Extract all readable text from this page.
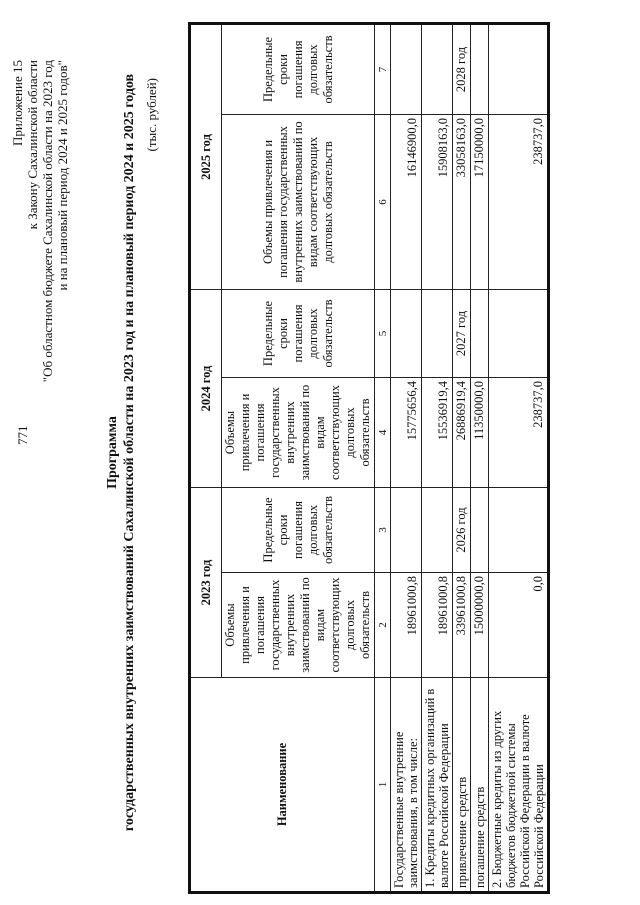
771
Приложение 15 к Закону Сахалинской области "Об областном бюджете Сахалинской области на 2023 год и на плановый период 2024 и 2025 годов"
Программа государственных внутренних заимствований Сахалинской области на 2023 год и на плановый период 2024 и 2025 годов (тыс. рублей)
Наименование	2023 год		2024 год		2025 год	
	Объемы привлечения и погашения государственных внутренних заимствований по видам соответствующих долговых обязательств	Предельные сроки погашения долговых обязательств	Объемы привлечения и погашения государственных внутренних заимствований по видам соответствующих долговых обязательств	Предельные сроки погашения долговых обязательств	Объемы привлечения и погашения государственных внутренних заимствований по видам соответствующих долговых обязательств	Предельные сроки погашения долговых обязательств
1	2	3	4	5	6	7
Государственные внутренние заимствования, в том числе:	18961000,8		15775656,4		16146900,0	
1. Кредиты кредитных организаций в валюте Российской Федерации	18961000,8		15536919,4		15908163,0	
привлечение средств	33961000,8	2026 год	26886919,4	2027 год	33058163,0	2028 год
погашение средств	15000000,0		11350000,0		17150000,0	
2. Бюджетные кредиты из других бюджетов бюджетной системы Российской Федерации в валюте Российской Федерации	0,0		238737,0		238737,0	
